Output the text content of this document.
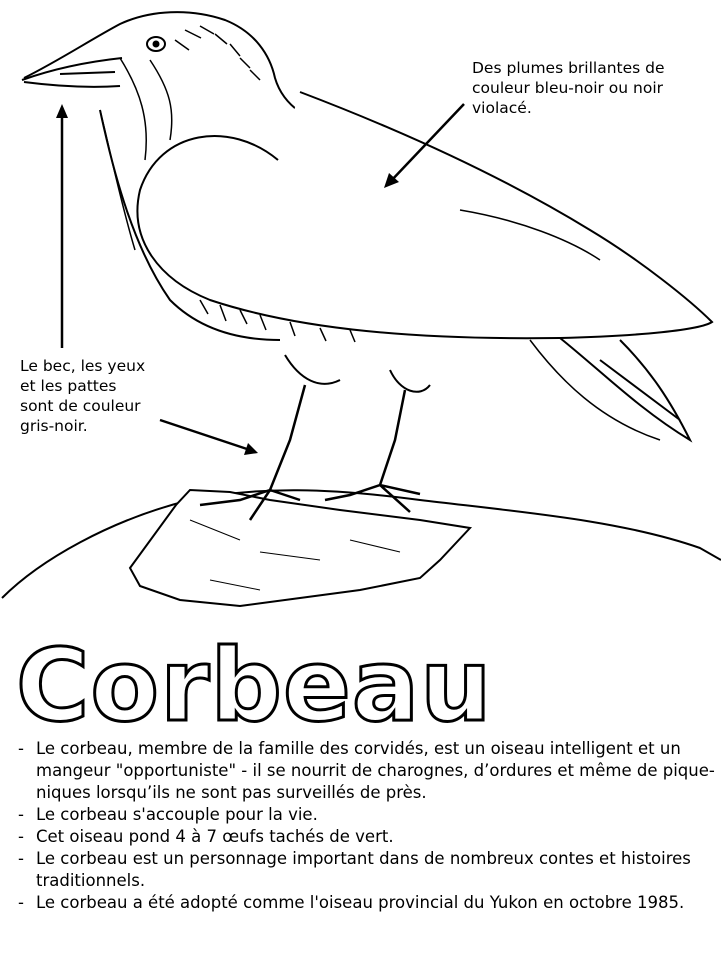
Des plumes brillantes de
couleur bleu-noir ou noir
violacé.
Le bec, les yeux
et les pattes
sont de couleur
gris-noir.
Corbeau
- Le corbeau, membre de la famille des corvidés, est un oiseau intelligent et un mangeur "opportuniste" - il se nourrit de charognes, d’ordures et même de pique-niques lorsqu’ils ne sont pas surveillés de près.
- Le corbeau s'accouple pour la vie.
- Cet oiseau pond 4 à 7 œufs tachés de vert.
- Le corbeau est un personnage important dans de nombreux contes et histoires traditionnels.
- Le corbeau a été adopté comme l'oiseau provincial du Yukon en octobre 1985.
